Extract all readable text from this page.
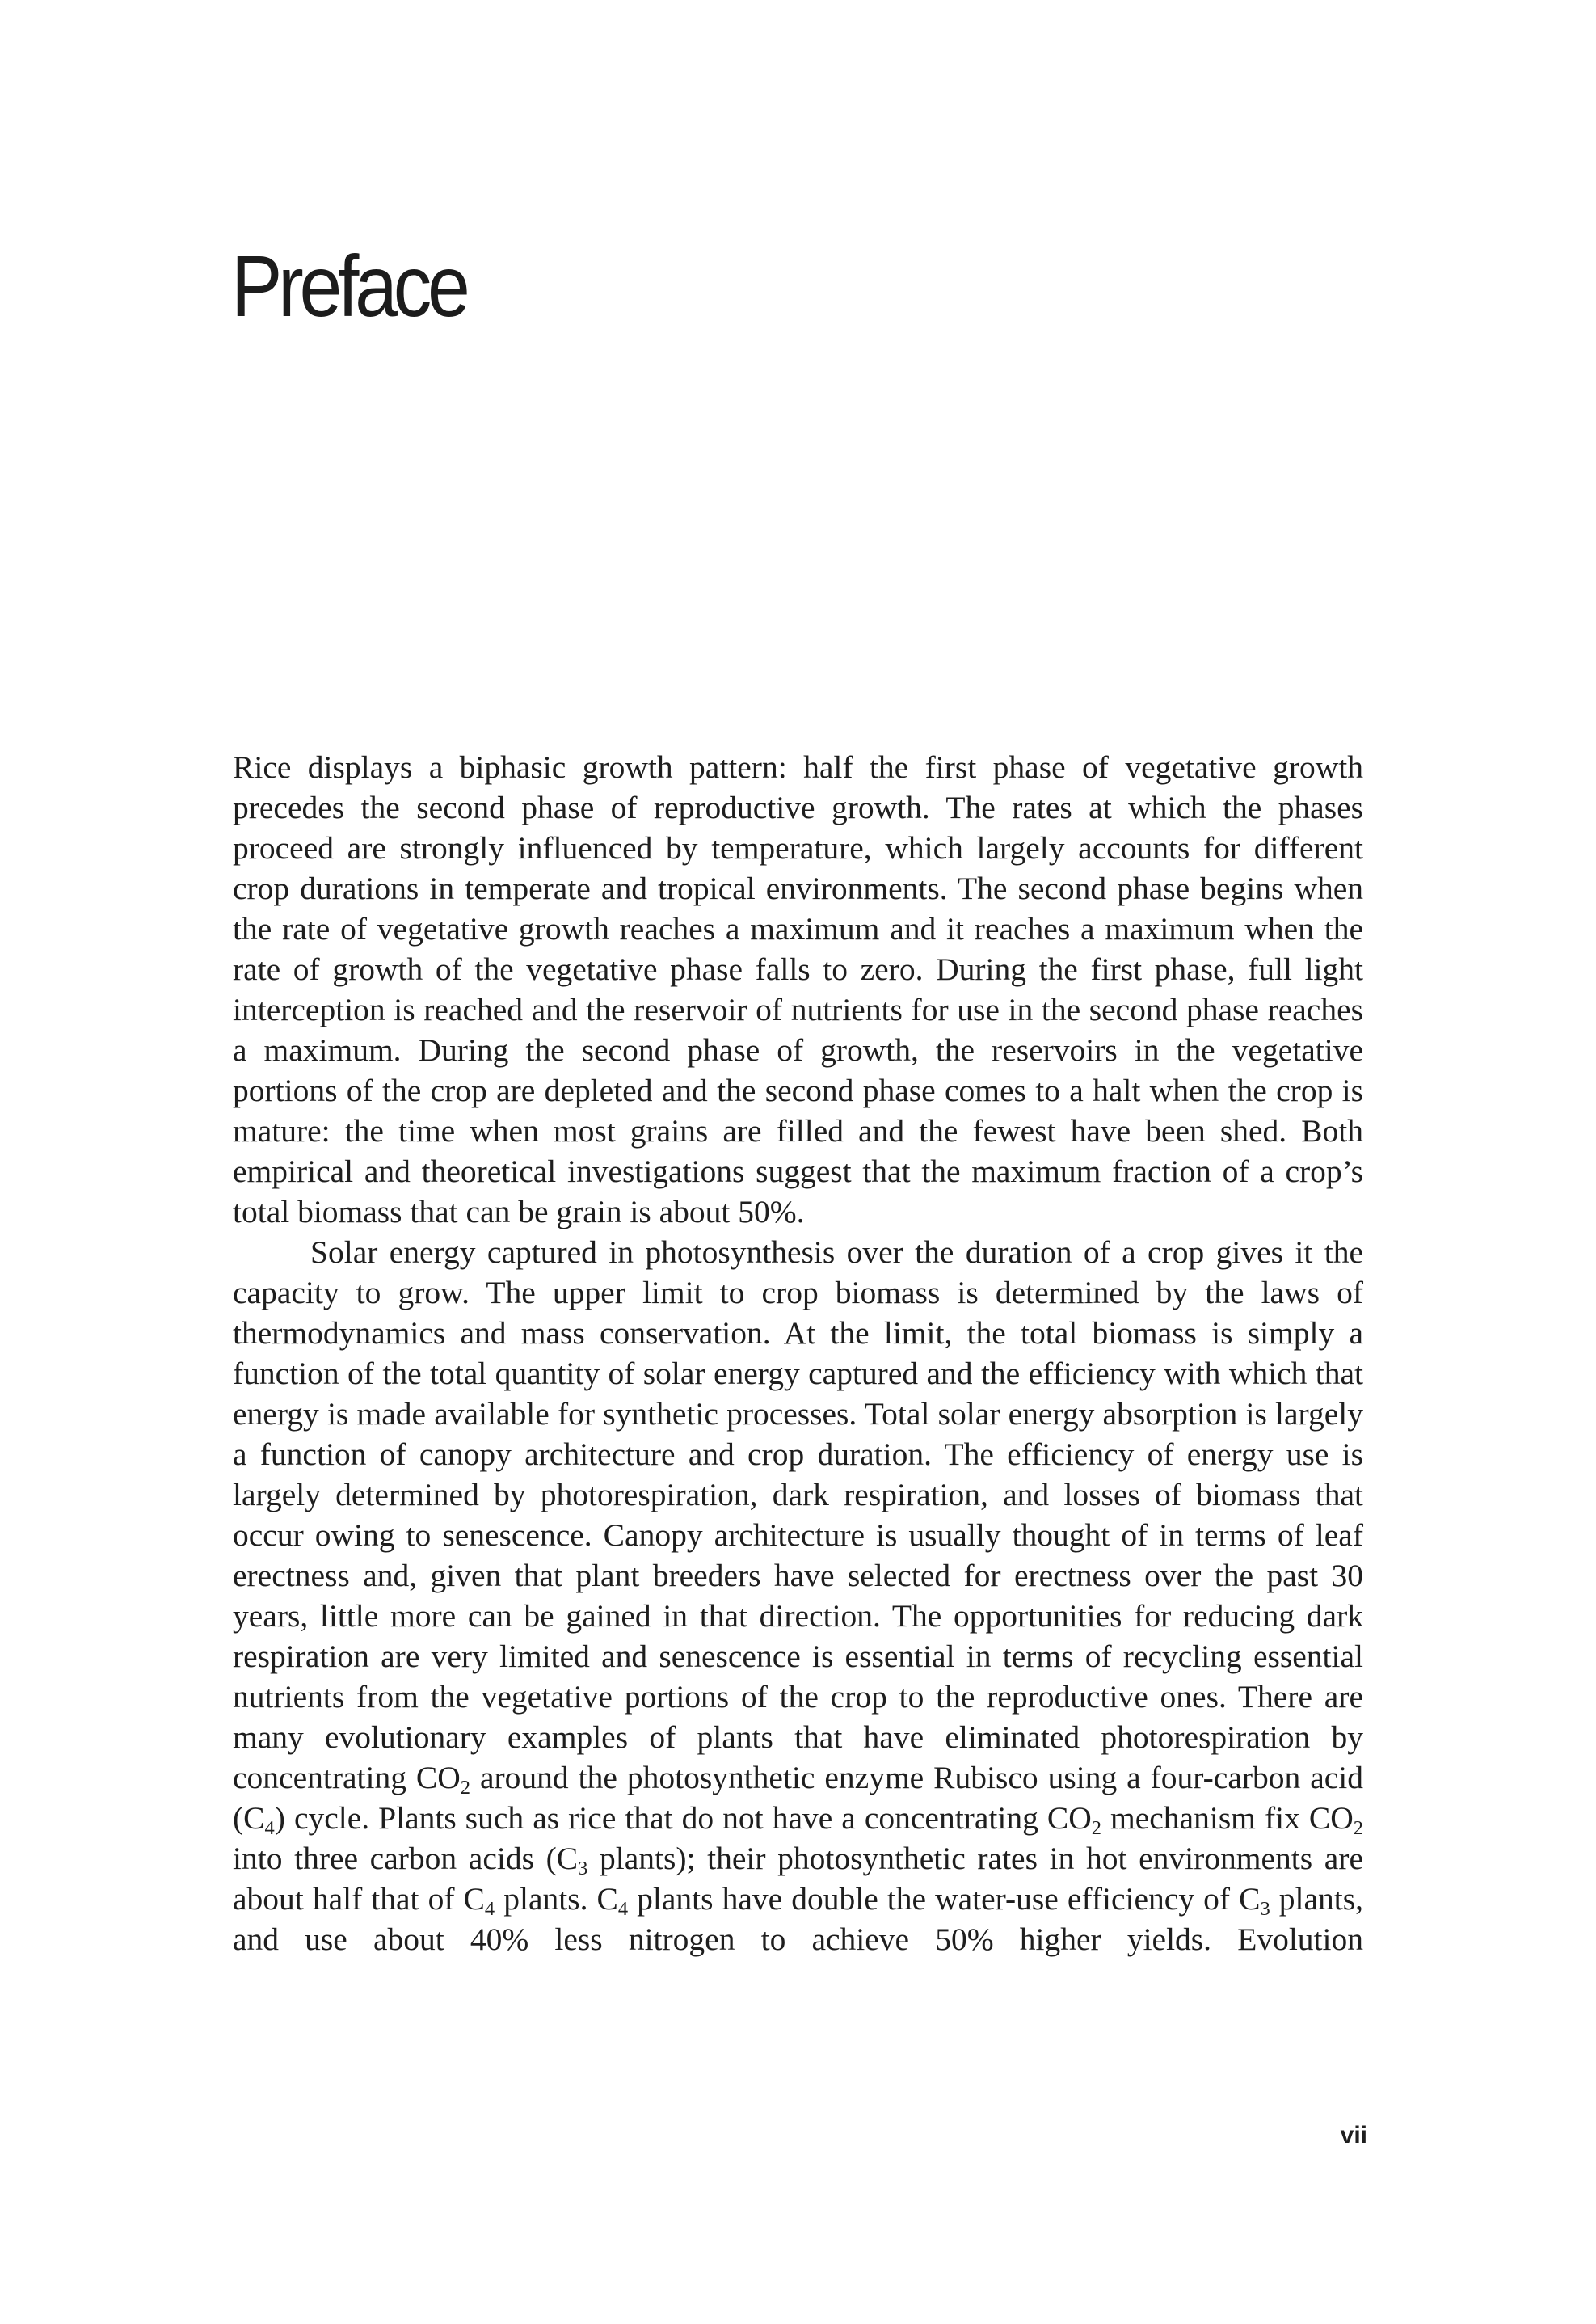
Preface

Rice displays a biphasic growth pattern: half the first phase of vegetative growth precedes the second phase of reproductive growth. The rates at which the phases proceed are strongly influenced by temperature, which largely accounts for different crop durations in temperate and tropical environments. The second phase begins when the rate of vegetative growth reaches a maximum and it reaches a maximum when the rate of growth of the vegetative phase falls to zero. During the first phase, full light interception is reached and the reservoir of nutrients for use in the second phase reaches a maximum. During the second phase of growth, the reservoirs in the vegetative portions of the crop are depleted and the second phase comes to a halt when the crop is mature: the time when most grains are filled and the fewest have been shed. Both empirical and theoretical investigations suggest that the maximum fraction of a crop’s total biomass that can be grain is about 50%.

Solar energy captured in photosynthesis over the duration of a crop gives it the capacity to grow. The upper limit to crop biomass is determined by the laws of thermodynamics and mass conservation. At the limit, the total biomass is simply a function of the total quantity of solar energy captured and the efficiency with which that energy is made available for synthetic processes. Total solar energy absorption is largely a function of canopy architecture and crop duration. The efficiency of energy use is largely determined by photorespiration, dark respiration, and losses of biomass that occur owing to senescence. Canopy architecture is usually thought of in terms of leaf erectness and, given that plant breeders have selected for erectness over the past 30 years, little more can be gained in that direction. The opportunities for reducing dark respiration are very limited and senescence is essential in terms of recycling essential nutrients from the vegetative portions of the crop to the reproductive ones. There are many evolutionary examples of plants that have eliminated photorespiration by concentrating $CO_2$ around the photosynthetic enzyme Rubisco using a four-carbon acid $(C_4)$ cycle. Plants such as rice that do not have a concentrating $CO_2$ mechanism fix $CO_2$ into three carbon acids ($C_3$ plants); their photosynthetic rates in hot environments are about half that of $C_4$ plants. $C_4$ plants have double the water-use efficiency of $C_3$ plants, and use about 40% less nitrogen to achieve 50% higher yields. Evolution

vii
